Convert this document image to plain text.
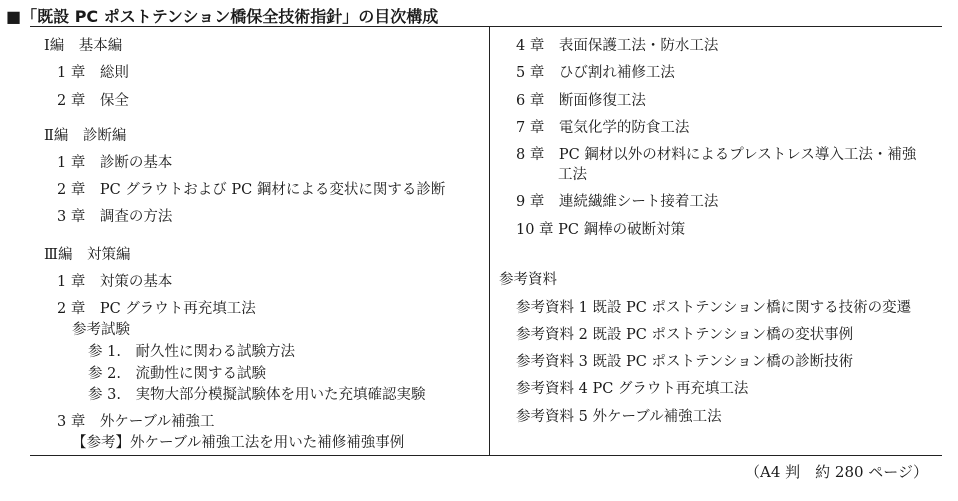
■「既設 PC ポストテンション橋保全技術指針」の目次構成
Ⅰ編　基本編
1 章　総則
2 章　保全
Ⅱ編　診断編
1 章　診断の基本
2 章　PC グラウトおよび PC 鋼材による変状に関する診断
3 章　調査の方法
Ⅲ編　対策編
1 章　対策の基本
2 章　PC グラウト再充填工法
参考試験
参 1.　耐久性に関わる試験方法
参 2.　流動性に関する試験
参 3.　実物大部分模擬試験体を用いた充填確認実験
3 章　外ケーブル補強工
【参考】外ケーブル補強工法を用いた補修補強事例
4 章　表面保護工法・防水工法
5 章　ひび割れ補修工法
6 章　断面修復工法
7 章　電気化学的防食工法
8 章　PC 鋼材以外の材料によるプレストレス導入工法・補強
工法
9 章　連続繊維シート接着工法
10 章 PC 鋼棒の破断対策
参考資料
参考資料 1 既設 PC ポストテンション橋に関する技術の変遷
参考資料 2 既設 PC ポストテンション橋の変状事例
参考資料 3 既設 PC ポストテンション橋の診断技術
参考資料 4 PC グラウト再充填工法
参考資料 5 外ケーブル補強工法
（A4 判　約 280 ページ）
